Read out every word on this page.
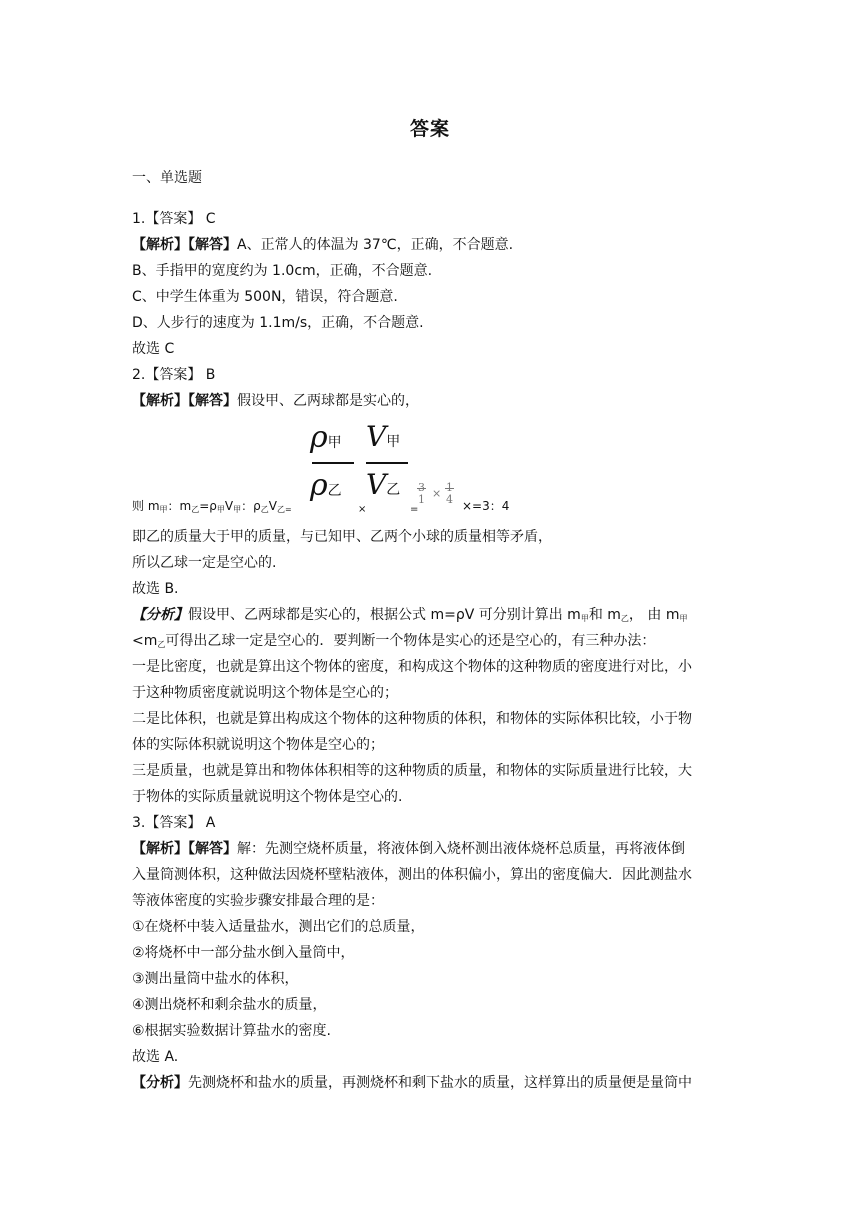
答案
一、单选题
1.【答案】 C
【解析】【解答】A、正常人的体温为 37℃，正确，不合题意.
B、手指甲的宽度约为 1.0cm，正确，不合题意.
C、中学生体重为 500N，错误，符合题意.
D、人步行的速度为 1.1m/s，正确，不合题意.
故选 C
2.【答案】 B
【解析】【解答】假设甲、乙两球都是实心的，
ρ甲
ρ乙
V甲
V乙
则 $m_甲$：$m_乙=\rho_甲V_甲$：$\rho_乙V_{乙=}$	×	=
1 × 4 ×=3：4
即乙的质量大于甲的质量，与已知甲、乙两个小球的质量相等矛盾，
所以乙球一定是空心的.
故选 B.
【分析】假设甲、乙两球都是实心的，根据公式 m=ρV 可分别计算出 $m_甲$和 $m_乙$， 由 $m_甲$
$<m_乙$可得出乙球一定是空心的．要判断一个物体是实心的还是空心的，有三种办法：
一是比密度，也就是算出这个物体的密度，和构成这个物体的这种物质的密度进行对比，小
于这种物质密度就说明这个物体是空心的；
二是比体积，也就是算出构成这个物体的这种物质的体积，和物体的实际体积比较，小于物
体的实际体积就说明这个物体是空心的；
三是质量，也就是算出和物体体积相等的这种物质的质量，和物体的实际质量进行比较，大
于物体的实际质量就说明这个物体是空心的.
3.【答案】 A
【解析】【解答】解：先测空烧杯质量，将液体倒入烧杯测出液体烧杯总质量，再将液体倒
入量筒测体积，这种做法因烧杯壁粘液体，测出的体积偏小，算出的密度偏大．因此测盐水
等液体密度的实验步骤安排最合理的是：
①在烧杯中装入适量盐水，测出它们的总质量，
②将烧杯中一部分盐水倒入量筒中，
③测出量筒中盐水的体积，
④测出烧杯和剩余盐水的质量，
⑥根据实验数据计算盐水的密度.
故选 A.
【分析】先测烧杯和盐水的质量，再测烧杯和剩下盐水的质量，这样算出的质量便是量筒中
